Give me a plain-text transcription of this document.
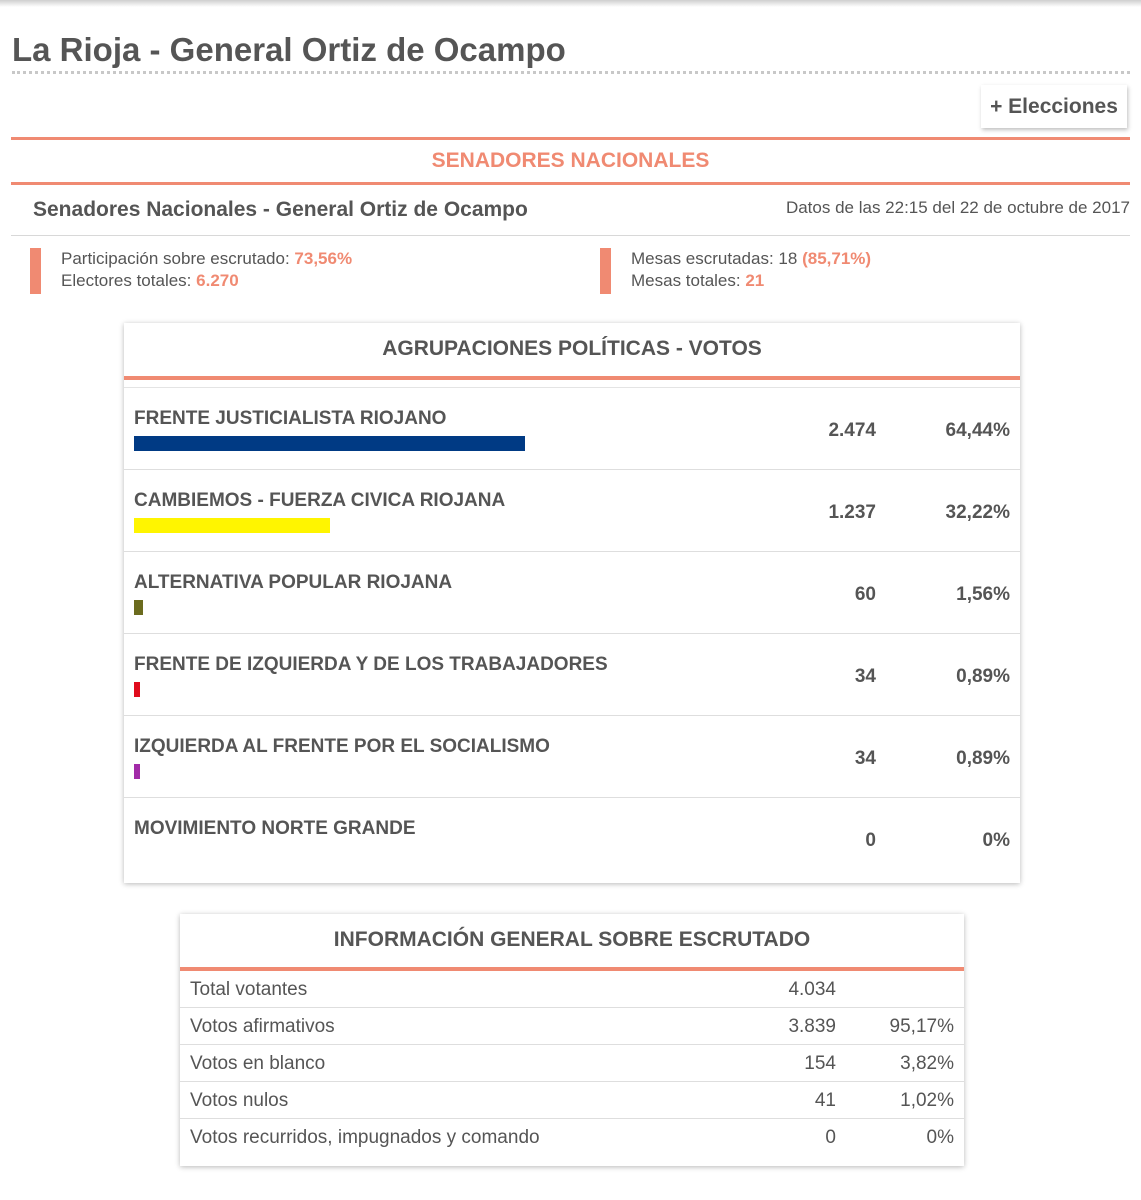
La Rioja - General Ortiz de Ocampo
+ Elecciones
SENADORES NACIONALES
Senadores Nacionales - General Ortiz de Ocampo	Datos de las 22:15 del 22 de octubre de 2017
Participación sobre escrutado: 73,56%
Electores totales: 6.270
Mesas escrutadas: 18 (85,71%)
Mesas totales: 21
AGRUPACIONES POLÍTICAS - VOTOS
FRENTE JUSTICIALISTA RIOJANO
2.474	64,44%
CAMBIEMOS - FUERZA CIVICA RIOJANA
1.237	32,22%
ALTERNATIVA POPULAR RIOJANA
60	1,56%
FRENTE DE IZQUIERDA Y DE LOS TRABAJADORES
34	0,89%
IZQUIERDA AL FRENTE POR EL SOCIALISMO
34	0,89%
MOVIMIENTO NORTE GRANDE
0	0%
INFORMACIÓN GENERAL SOBRE ESCRUTADO
Total votantes	4.034
Votos afirmativos	3.839	95,17%
Votos en blanco	154	3,82%
Votos nulos	41	1,02%
Votos recurridos, impugnados y comando	0	0%
